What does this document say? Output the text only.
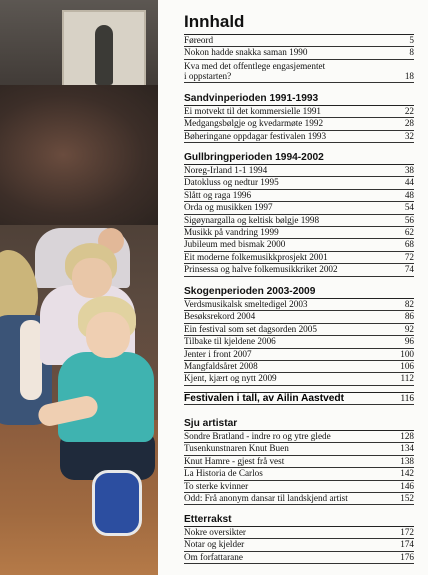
Innhald
Føreord	5
Nokon hadde snakka saman 1990	8
Kva med det offentlege engasjementet
i oppstarten?	18
Sandvinperioden 1991-1993
Ei motvekt til det kommersielle 1991	22
Medgangsbølgje og kvedarmøte 1992	28
Bøheringane oppdagar festivalen 1993	32
Gullbringperioden 1994-2002
Noreg-Irland 1-1 1994	38
Datokluss og nedtur 1995	44
Slått og raga 1996	48
Orda og musikken 1997	54
Sigøynargalla og keltisk bølgje 1998	56
Musikk på vandring 1999	62
Jubileum med bismak 2000	68
Eit moderne folkemusikkprosjekt 2001	72
Prinsessa og halve folkemusikkriket 2002	74
Skogenperioden 2003-2009
Verdsmusikalsk smeltedigel 2003	82
Besøksrekord 2004	86
Ein festival som set dagsorden 2005	92
Tilbake til kjeldene 2006	96
Jenter i front 2007	100
Mangfaldsåret 2008	106
Kjent, kjært og nytt 2009	112
Festivalen i tall, av Ailin Aastvedt	116
Sju artistar
Sondre Bratland - indre ro og ytre glede	128
Tusenkunstnaren Knut Buen	134
Knut Hamre - gjest frå vest	138
La Historia de Carlos	142
To sterke kvinner	146
Odd: Frå anonym dansar til landskjend artist	152
Etterrakst
Nokre oversikter	172
Notar og kjelder	174
Om forfattarane	176
